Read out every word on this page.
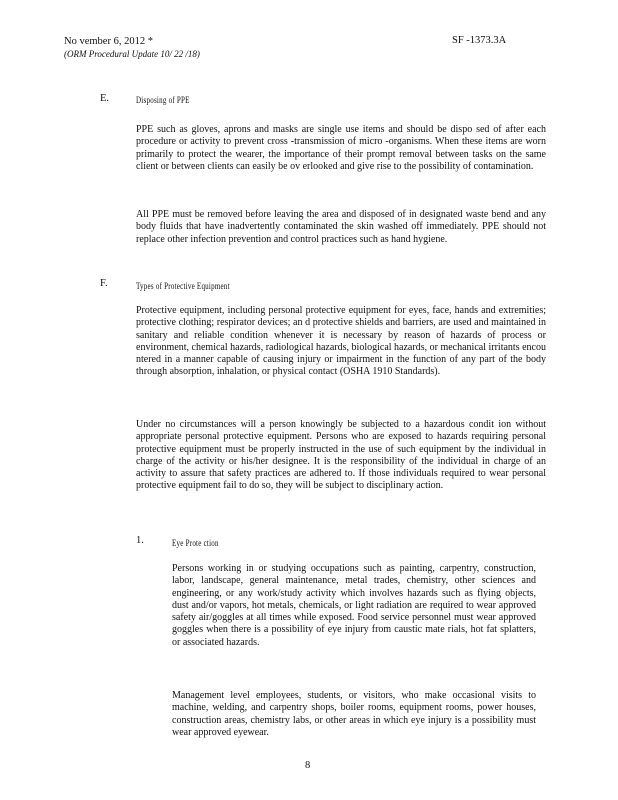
No vember 6, 2012 *
(ORM Procedural Update 10/ 22 /18)
SF -1373.3A
E.	Disposing of PPE

PPE such as gloves, aprons and masks are single use items and should be dispo sed of after each procedure or activity to prevent cross -transmission of micro -organisms. When these items are worn primarily to protect the wearer, the importance of their prompt removal between tasks on the same client or between clients can easily be ov erlooked and give rise to the possibility of contamination.

All PPE must be removed before leaving the area and disposed of in designated waste bend and any body fluids that have inadvertently contaminated the skin washed off immediately. PPE should not replace other infection prevention and control practices such as hand hygiene.

F.	Types of Protective Equipment

Protective equipment, including personal protective equipment for eyes, face, hands and extremities; protective clothing; respirator devices; an d protective shields and barriers, are used and maintained in sanitary and reliable condition whenever it is necessary by reason of hazards of process or environment, chemical hazards, radiological hazards, biological hazards, or mechanical irritants encou ntered in a manner capable of causing injury or impairment in the function of any part of the body through absorption, inhalation, or physical contact (OSHA 1910 Standards).

Under no circumstances will a person knowingly be subjected to a hazardous condit ion without appropriate personal protective equipment. Persons who are exposed to hazards requiring personal protective equipment must be properly instructed in the use of such equipment by the individual in charge of the activity or his/her designee. It is the responsibility of the individual in charge of an activity to assure that safety practices are adhered to. If those individuals required to wear personal protective equipment fail to do so, they will be subject to disciplinary action.

1.	Eye Prote ction

Persons working in or studying occupations such as painting, carpentry, construction, labor, landscape, general maintenance, metal trades, chemistry, other sciences and engineering, or any work/study activity which involves hazards such as flying objects, dust and/or vapors, hot metals, chemicals, or light radiation are required to wear approved safety air/goggles at all times while exposed. Food service personnel must wear approved goggles when there is a possibility of eye injury from caustic mate rials, hot fat splatters, or associated hazards.

Management level employees, students, or visitors, who make occasional visits to machine, welding, and carpentry shops, boiler rooms, equipment rooms, power houses, construction areas, chemistry labs, or other areas in which eye injury is a possibility must wear approved eyewear.

8
